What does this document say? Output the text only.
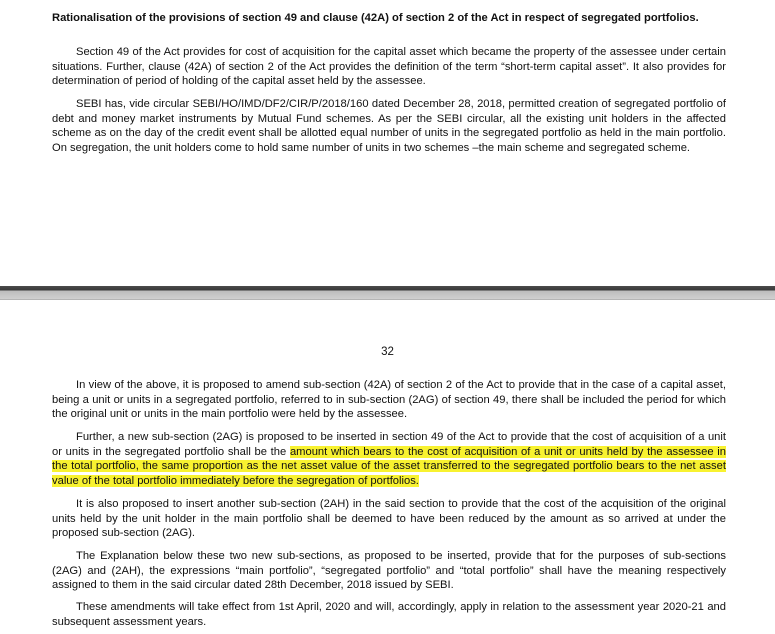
Rationalisation of the provisions of section 49 and clause (42A) of section 2 of the Act in respect of segregated portfolios.
Section 49 of the Act provides for cost of acquisition for the capital asset which became the property of the assessee under certain situations. Further, clause (42A) of section 2 of the Act provides the definition of the term “short-term capital asset”. It also provides for determination of period of holding of the capital asset held by the assessee.
SEBI has, vide circular SEBI/HO/IMD/DF2/CIR/P/2018/160 dated December 28, 2018, permitted creation of segregated portfolio of debt and money market instruments by Mutual Fund schemes. As per the SEBI circular, all the existing unit holders in the affected scheme as on the day of the credit event shall be allotted equal number of units in the segregated portfolio as held in the main portfolio. On segregation, the unit holders come to hold same number of units in two schemes –the main scheme and segregated scheme.
32
In view of the above, it is proposed to amend sub-section (42A) of section 2 of the Act to provide that in the case of a capital asset, being a unit or units in a segregated portfolio, referred to in sub-section (2AG) of section 49, there shall be included the period for which the original unit or units in the main portfolio were held by the assessee.
Further, a new sub-section (2AG) is proposed to be inserted in section 49 of the Act to provide that the cost of acquisition of a unit or units in the segregated portfolio shall be the amount which bears to the cost of acquisition of a unit or units held by the assessee in the total portfolio, the same proportion as the net asset value of the asset transferred to the segregated portfolio bears to the net asset value of the total portfolio immediately before the segregation of portfolios.
It is also proposed to insert another sub-section (2AH) in the said section to provide that the cost of the acquisition of the original units held by the unit holder in the main portfolio shall be deemed to have been reduced by the amount as so arrived at under the proposed sub-section (2AG).
The Explanation below these two new sub-sections, as proposed to be inserted, provide that for the purposes of sub-sections (2AG) and (2AH), the expressions “main portfolio”, “segregated portfolio” and “total portfolio” shall have the meaning respectively assigned to them in the said circular dated 28th December, 2018 issued by SEBI.
These amendments will take effect from 1st April, 2020 and will, accordingly, apply in relation to the assessment year 2020-21 and subsequent assessment years.
